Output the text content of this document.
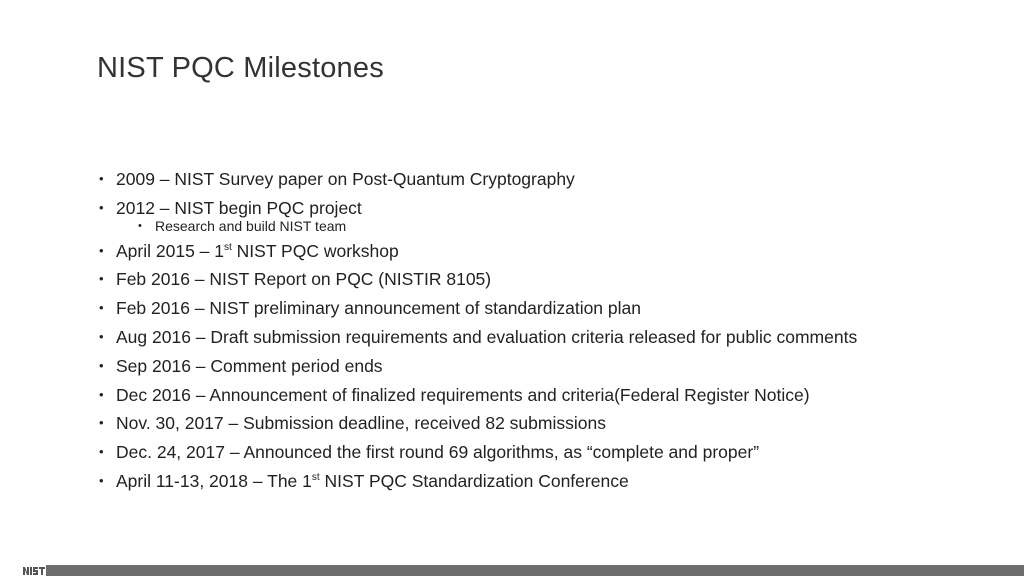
NIST PQC Milestones
• 2009 – NIST Survey paper on Post-Quantum Cryptography
• 2012 – NIST begin PQC project
• Research and build NIST team
• April 2015 – 1st NIST PQC workshop
• Feb 2016 – NIST Report on PQC (NISTIR 8105)
• Feb 2016 – NIST preliminary announcement of standardization plan
• Aug 2016 – Draft submission requirements and evaluation criteria released for public comments
• Sep 2016 – Comment period ends
• Dec 2016 – Announcement of finalized requirements and criteria(Federal Register Notice)
• Nov. 30, 2017 – Submission deadline, received 82 submissions
• Dec. 24, 2017 – Announced the first round 69 algorithms, as “complete and proper”
• April 11-13, 2018 – The 1st NIST PQC Standardization Conference
